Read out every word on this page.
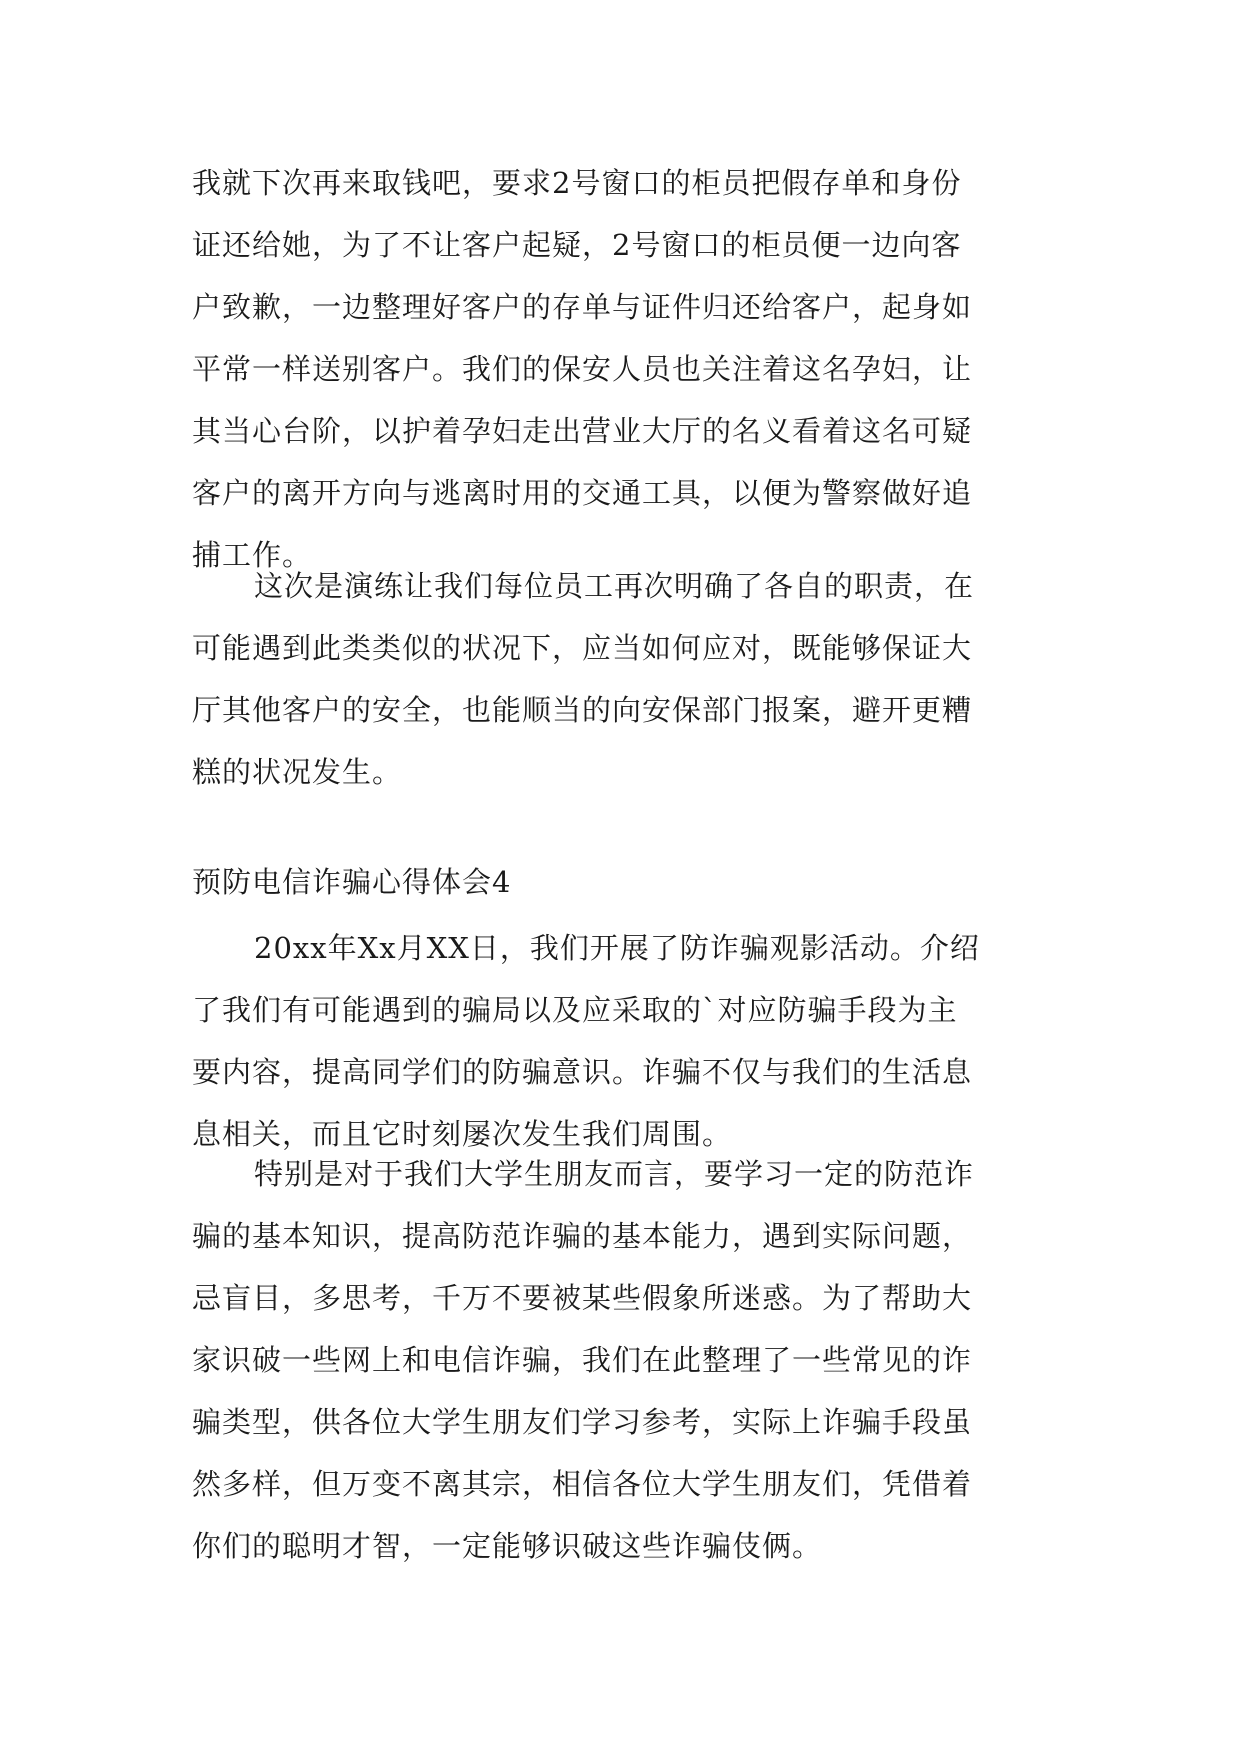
我就下次再来取钱吧，要求2号窗口的柜员把假存单和身份
证还给她，为了不让客户起疑，2号窗口的柜员便一边向客
户致歉，一边整理好客户的存单与证件归还给客户，起身如
平常一样送别客户。我们的保安人员也关注着这名孕妇，让
其当心台阶，以护着孕妇走出营业大厅的名义看着这名可疑
客户的离开方向与逃离时用的交通工具，以便为警察做好追
捕工作。
这次是演练让我们每位员工再次明确了各自的职责，在
可能遇到此类类似的状况下，应当如何应对，既能够保证大
厅其他客户的安全，也能顺当的向安保部门报案，避开更糟
糕的状况发生。
预防电信诈骗心得体会4
20xx年Xx月XX日，我们开展了防诈骗观影活动。介绍
了我们有可能遇到的骗局以及应采取的`对应防骗手段为主
要内容，提高同学们的防骗意识。诈骗不仅与我们的生活息
息相关，而且它时刻屡次发生我们周围。
特别是对于我们大学生朋友而言，要学习一定的防范诈
骗的基本知识，提高防范诈骗的基本能力，遇到实际问题，
忌盲目，多思考，千万不要被某些假象所迷惑。为了帮助大
家识破一些网上和电信诈骗，我们在此整理了一些常见的诈
骗类型，供各位大学生朋友们学习参考，实际上诈骗手段虽
然多样，但万变不离其宗，相信各位大学生朋友们，凭借着
你们的聪明才智，一定能够识破这些诈骗伎俩。
